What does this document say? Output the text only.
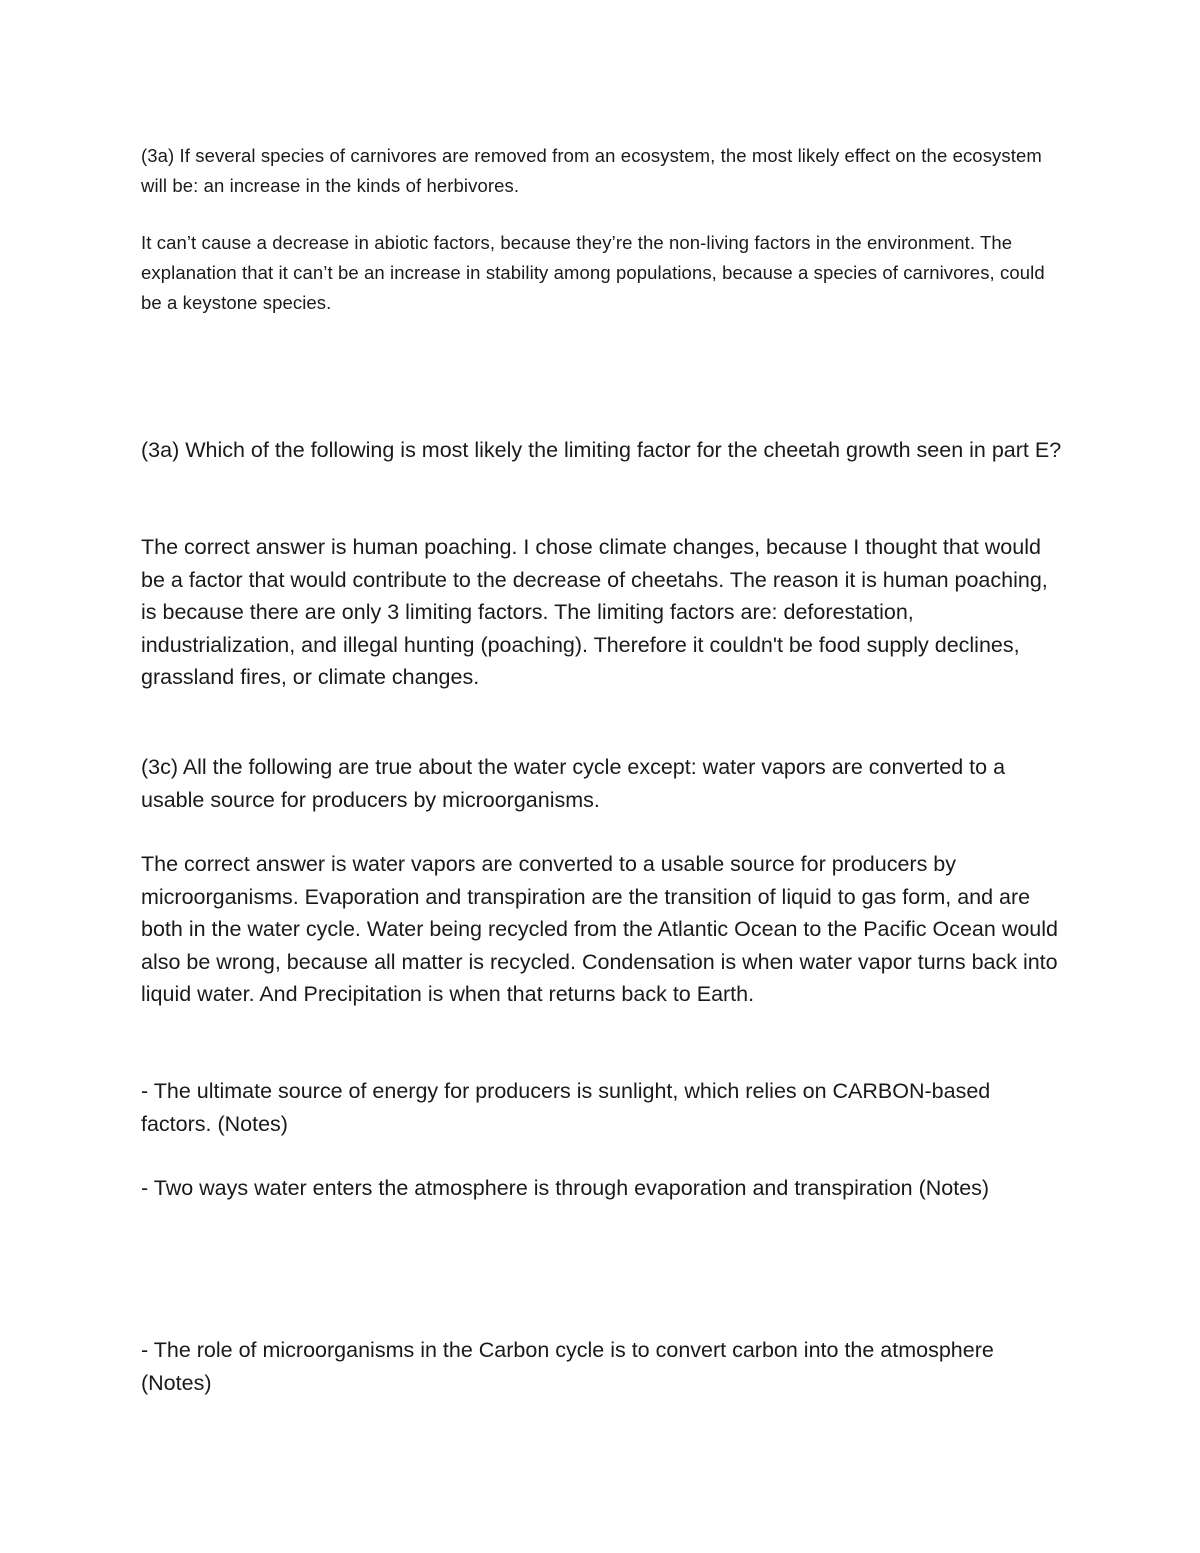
(3a) If several species of carnivores are removed from an ecosystem, the most likely effect on the ecosystem will be: an increase in the kinds of herbivores.

It can’t cause a decrease in abiotic factors, because they’re the non-living factors in the environment. The explanation that it can’t be an increase in stability among populations, because a species of carnivores, could be a keystone species.

(3a) Which of the following is most likely the limiting factor for the cheetah growth seen in part E?

The correct answer is human poaching. I chose climate changes, because I thought that would be a factor that would contribute to the decrease of cheetahs. The reason it is human poaching, is because there are only 3 limiting factors. The limiting factors are: deforestation, industrialization, and illegal hunting (poaching). Therefore it couldn't be food supply declines, grassland fires, or climate changes.

(3c) All the following are true about the water cycle except: water vapors are converted to a usable source for producers by microorganisms.

The correct answer is water vapors are converted to a usable source for producers by microorganisms. Evaporation and transpiration are the transition of liquid to gas form, and are both in the water cycle. Water being recycled from the Atlantic Ocean to the Pacific Ocean would also be wrong, because all matter is recycled. Condensation is when water vapor turns back into liquid water. And Precipitation is when that returns back to Earth.

- The ultimate source of energy for producers is sunlight, which relies on CARBON-based factors. (Notes)

- Two ways water enters the atmosphere is through evaporation and transpiration (Notes)

- The role of microorganisms in the Carbon cycle is to convert carbon into the atmosphere (Notes)
